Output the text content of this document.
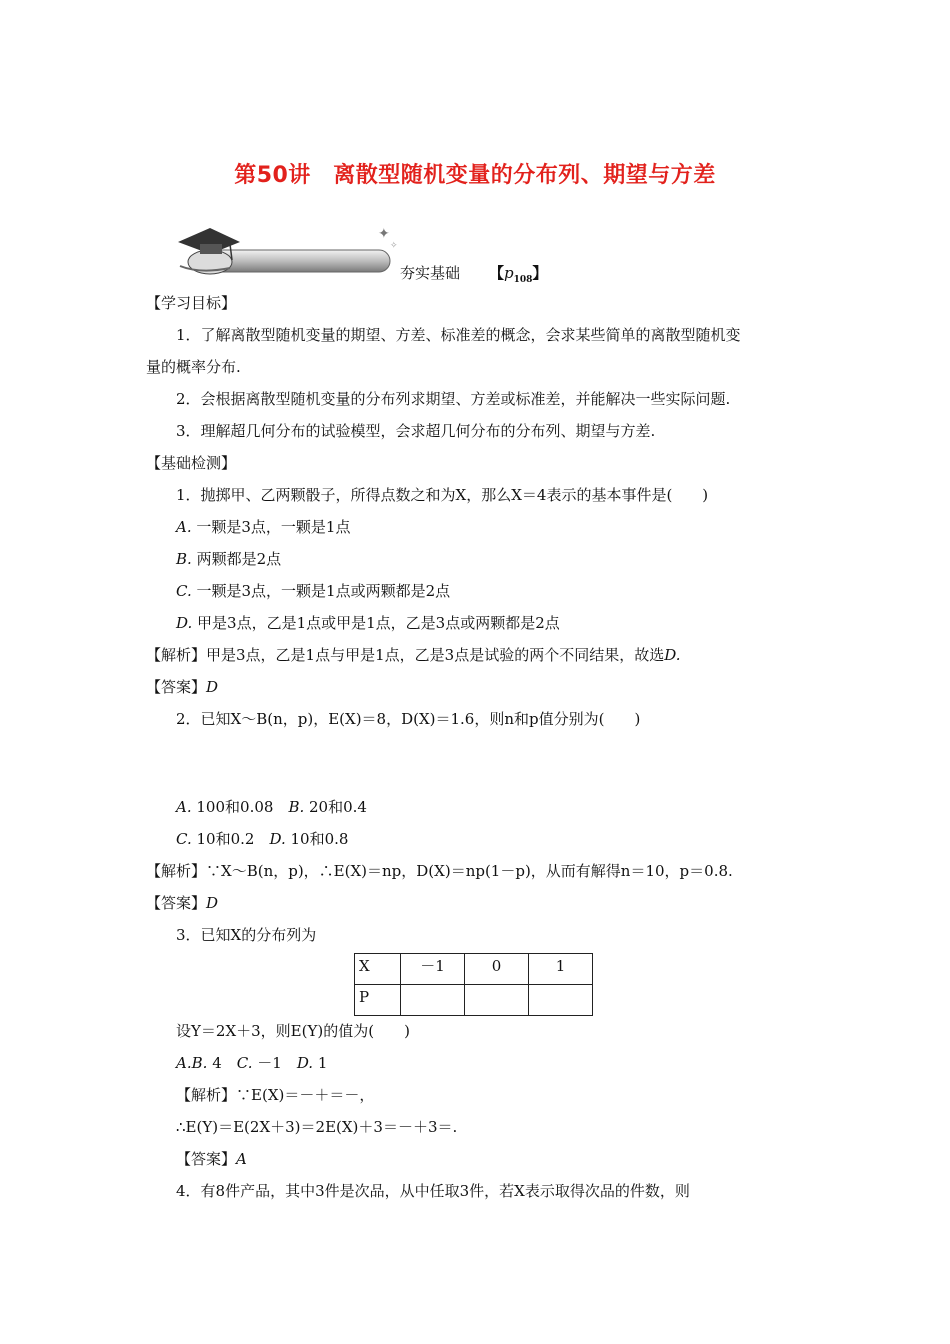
第50讲　离散型随机变量的分布列、期望与方差
✦
✧
夯实基础 【$p_{108}$】
【学习目标】
1．了解离散型随机变量的期望、方差、标准差的概念，会求某些简单的离散型随机变
量的概率分布.
2．会根据离散型随机变量的分布列求期望、方差或标准差，并能解决一些实际问题.
3．理解超几何分布的试验模型，会求超几何分布的分布列、期望与方差.
【基础检测】
1．抛掷甲、乙两颗骰子，所得点数之和为X，那么X＝4表示的基本事件是(　　)
A. 一颗是3点，一颗是1点
B. 两颗都是2点
C. 一颗是3点，一颗是1点或两颗都是2点
D. 甲是3点，乙是1点或甲是1点，乙是3点或两颗都是2点
【解析】甲是3点，乙是1点与甲是1点，乙是3点是试验的两个不同结果，故选D.
【答案】D
2．已知X～B(n，p)，E(X)＝8，D(X)＝1.6，则n和p值分别为(　　)
A. 100和0.08　 B. 20和0.4
C. 10和0.2　 D. 10和0.8
【解析】∵X～B(n，p)，∴E(X)＝np，D(X)＝np(1－p)，从而有解得n＝10，p＝0.8.
【答案】D
3．已知X的分布列为
X	－1	0	1
P			
设Y＝2X＋3，则E(Y)的值为(　　)
A.B. 4　 C. －1　 D. 1
【解析】∵E(X)＝－＋＝－，
∴E(Y)＝E(2X＋3)＝2E(X)＋3＝－＋3＝.
【答案】A
4．有8件产品，其中3件是次品，从中任取3件，若X表示取得次品的件数，则
